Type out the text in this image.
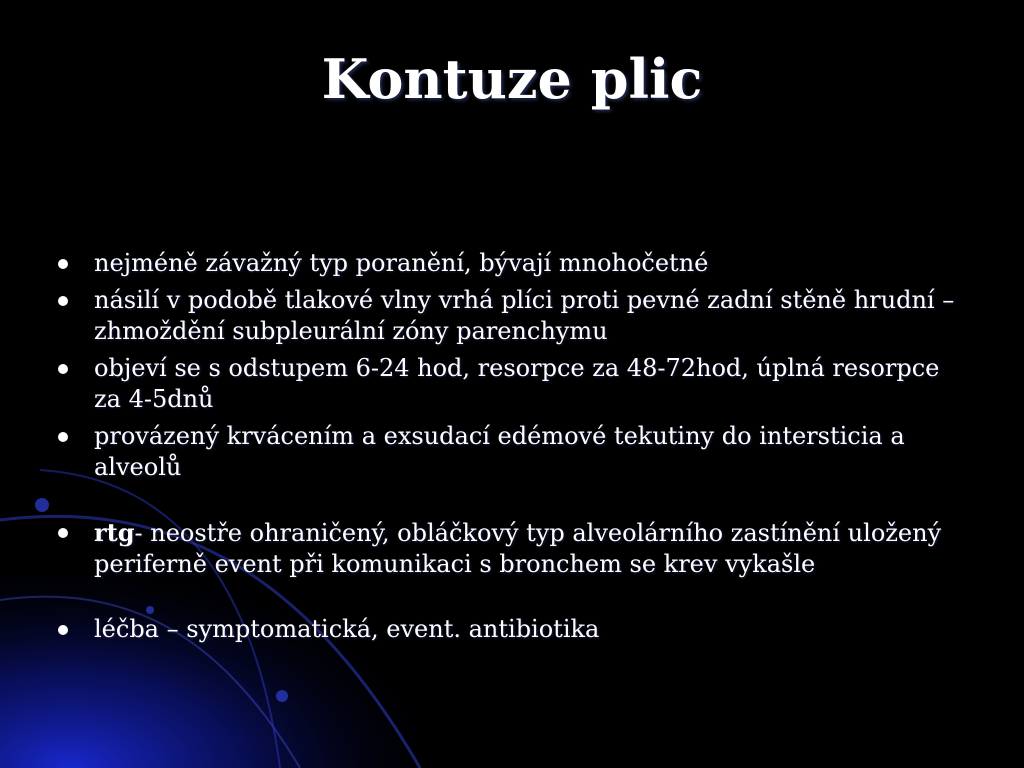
Kontuze plic
nejméně závažný typ poranění, bývají mnohočetné
násilí v podobě tlakové vlny vrhá plíci proti pevné zadní stěně hrudní – zhmoždění subpleurální zóny parenchymu
objeví se s odstupem 6-24 hod, resorpce za 48-72hod, úplná resorpce za 4-5dnů
provázený krvácením a exsudací edémové tekutiny do intersticia a alveolů
rtg- neostře ohraničený, obláčkový typ alveolárního zastínění uložený periferně event při komunikaci s bronchem se krev vykašle
léčba – symptomatická, event. antibiotika
